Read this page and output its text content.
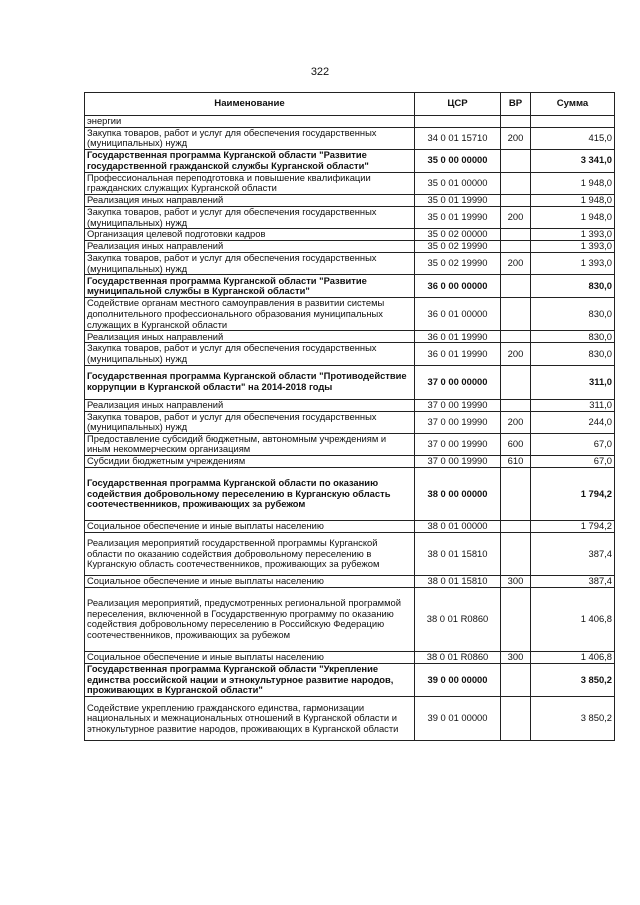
322
Наименование	ЦСР	ВР	Сумма
энергии			
Закупка товаров, работ и услуг для обеспечения государственных (муниципальных) нужд	34 0 01 15710	200	415,0
Государственная программа Курганской области "Развитие государственной гражданской службы Курганской области"	35 0 00 00000		3 341,0
Профессиональная переподготовка и повышение квалификации гражданских служащих Курганской области	35 0 01 00000		1 948,0
Реализация иных направлений	35 0 01 19990		1 948,0
Закупка товаров, работ и услуг для обеспечения государственных (муниципальных) нужд	35 0 01 19990	200	1 948,0
Организация целевой подготовки кадров	35 0 02 00000		1 393,0
Реализация иных направлений	35 0 02 19990		1 393,0
Закупка товаров, работ и услуг для обеспечения государственных (муниципальных) нужд	35 0 02 19990	200	1 393,0
Государственная программа Курганской области "Развитие муниципальной службы в Курганской области"	36 0 00 00000		830,0
Содействие органам местного самоуправления в развитии системы дополнительного профессионального образования муниципальных служащих в Курганской области	36 0 01 00000		830,0
Реализация иных направлений	36 0 01 19990		830,0
Закупка товаров, работ и услуг для обеспечения государственных (муниципальных) нужд	36 0 01 19990	200	830,0
Государственная программа Курганской области "Противодействие коррупции в Курганской области" на 2014-2018 годы	37 0 00 00000		311,0
Реализация иных направлений	37 0 00 19990		311,0
Закупка товаров, работ и услуг для обеспечения государственных (муниципальных) нужд	37 0 00 19990	200	244,0
Предоставление субсидий бюджетным, автономным учреждениям и иным некоммерческим организациям	37 0 00 19990	600	67,0
Субсидии бюджетным учреждениям	37 0 00 19990	610	67,0
Государственная программа Курганской области по оказанию содействия добровольному переселению в Курганскую область соотечественников, проживающих за рубежом	38 0 00 00000		1 794,2
Социальное обеспечение и иные выплаты населению	38 0 01 00000		1 794,2
Реализация мероприятий государственной программы Курганской области по оказанию содействия добровольному переселению в Курганскую область соотечественников, проживающих за рубежом	38 0 01 15810		387,4
Социальное обеспечение и иные выплаты населению	38 0 01 15810	300	387,4
Реализация мероприятий, предусмотренных региональной программой переселения, включенной в Государственную программу по оказанию содействия добровольному переселению в Российскую Федерацию соотечественников, проживающих за рубежом	38 0 01 R0860		1 406,8
Социальное обеспечение и иные выплаты населению	38 0 01 R0860	300	1 406,8
Государственная программа Курганской области "Укрепление единства российской нации и этнокультурное развитие народов, проживающих в Курганской области"	39 0 00 00000		3 850,2
Содействие укреплению гражданского единства, гармонизации национальных и межнациональных отношений в Курганской области и этнокультурное развитие народов, проживающих в Курганской области	39 0 01 00000		3 850,2
